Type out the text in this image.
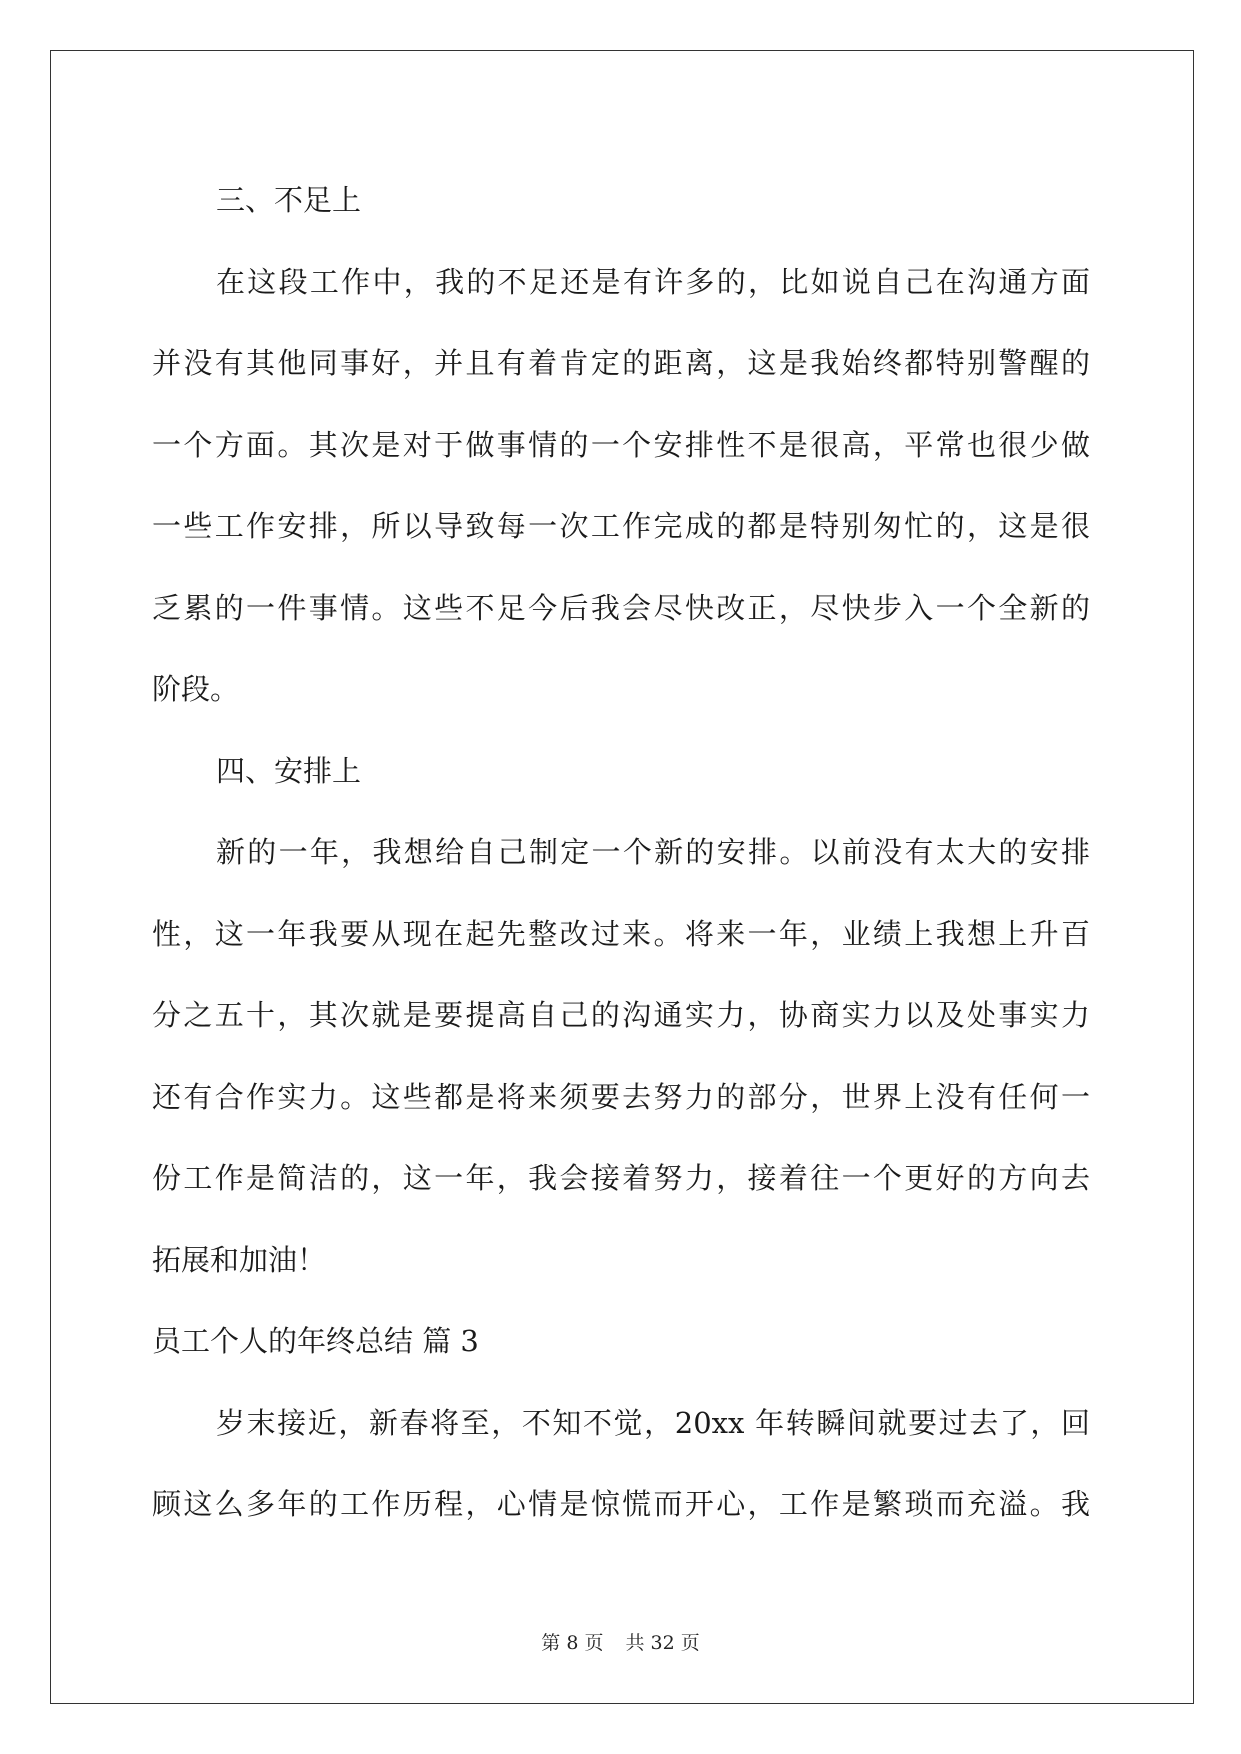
三、不足上
在这段工作中，我的不足还是有许多的，比如说自己在沟通方面
并没有其他同事好，并且有着肯定的距离，这是我始终都特别警醒的
一个方面。其次是对于做事情的一个安排性不是很高，平常也很少做
一些工作安排，所以导致每一次工作完成的都是特别匆忙的，这是很
乏累的一件事情。这些不足今后我会尽快改正，尽快步入一个全新的
阶段。
四、安排上
新的一年，我想给自己制定一个新的安排。以前没有太大的安排
性，这一年我要从现在起先整改过来。将来一年，业绩上我想上升百
分之五十，其次就是要提高自己的沟通实力，协商实力以及处事实力
还有合作实力。这些都是将来须要去努力的部分，世界上没有任何一
份工作是简洁的，这一年，我会接着努力，接着往一个更好的方向去
拓展和加油！
员工个人的年终总结 篇 3
岁末接近，新春将至，不知不觉，20xx 年转瞬间就要过去了，回
顾这么多年的工作历程，心情是惊慌而开心，工作是繁琐而充溢。我
第 8 页 共 32 页
